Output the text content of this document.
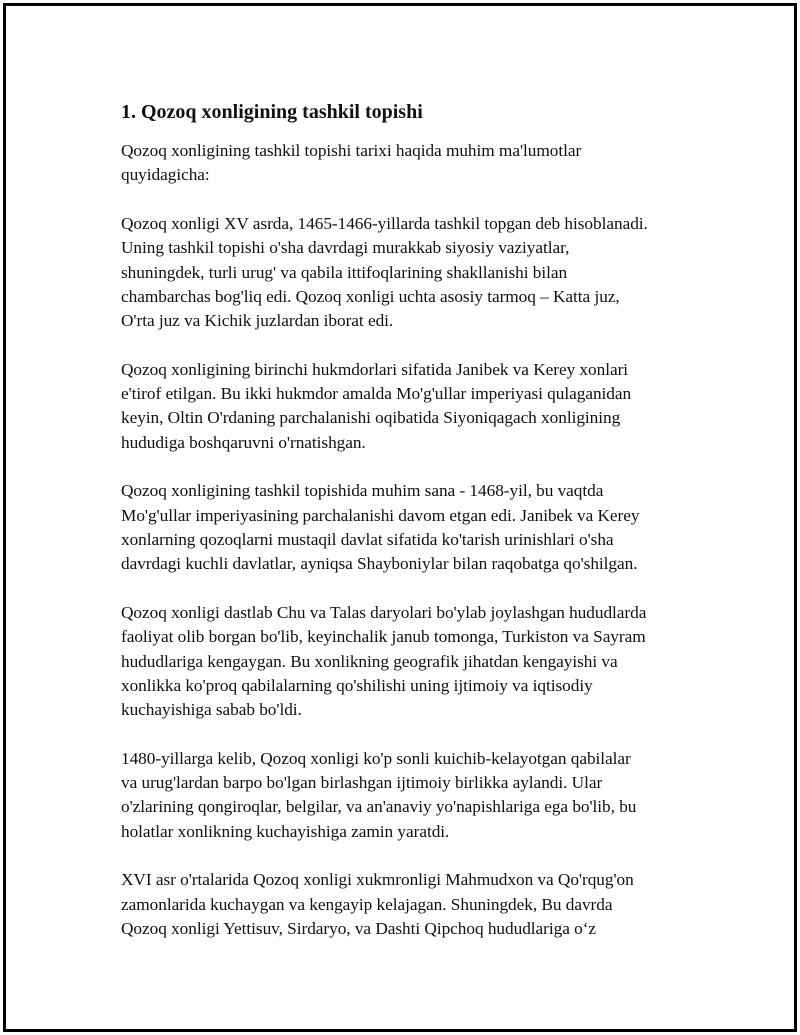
1. Qozoq xonligining tashkil topishi

Qozoq xonligining tashkil topishi tarixi haqida muhim ma'lumotlar
quyidagicha:

Qozoq xonligi XV asrda, 1465-1466-yillarda tashkil topgan deb hisoblanadi.
Uning tashkil topishi o'sha davrdagi murakkab siyosiy vaziyatlar,
shuningdek, turli urug' va qabila ittifoqlarining shakllanishi bilan
chambarchas bog'liq edi. Qozoq xonligi uchta asosiy tarmoq – Katta juz,
O'rta juz va Kichik juzlardan iborat edi.

Qozoq xonligining birinchi hukmdorlari sifatida Janibek va Kerey xonlari
e'tirof etilgan. Bu ikki hukmdor amalda Mo'g'ullar imperiyasi qulaganidan
keyin, Oltin O'rdaning parchalanishi oqibatida Siyoniqagach xonligining
hududiga boshqaruvni o'rnatishgan.

Qozoq xonligining tashkil topishida muhim sana - 1468-yil, bu vaqtda
Mo'g'ullar imperiyasining parchalanishi davom etgan edi. Janibek va Kerey
xonlarning qozoqlarni mustaqil davlat sifatida ko'tarish urinishlari o'sha
davrdagi kuchli davlatlar, ayniqsa Shayboniylar bilan raqobatga qo'shilgan.

Qozoq xonligi dastlab Chu va Talas daryolari bo'ylab joylashgan hududlarda
faoliyat olib borgan bo'lib, keyinchalik janub tomonga, Turkiston va Sayram
hududlariga kengaygan. Bu xonlikning geografik jihatdan kengayishi va
xonlikka ko'proq qabilalarning qo'shilishi uning ijtimoiy va iqtisodiy
kuchayishiga sabab bo'ldi.

1480-yillarga kelib, Qozoq xonligi ko'p sonli kuichib-kelayotgan qabilalar
va urug'lardan barpo bo'lgan birlashgan ijtimoiy birlikka aylandi. Ular
o'zlarining qongiroqlar, belgilar, va an'anaviy yo'napishlariga ega bo'lib, bu
holatlar xonlikning kuchayishiga zamin yaratdi.

XVI asr o'rtalarida Qozoq xonligi xukmronligi Mahmudxon va Qo'rqug'on
zamonlarida kuchaygan va kengayip kelajagan. Shuningdek, Bu davrda
Qozoq xonligi Yettisuv, Sirdaryo, va Dashti Qipchoq hududlariga o‘z
